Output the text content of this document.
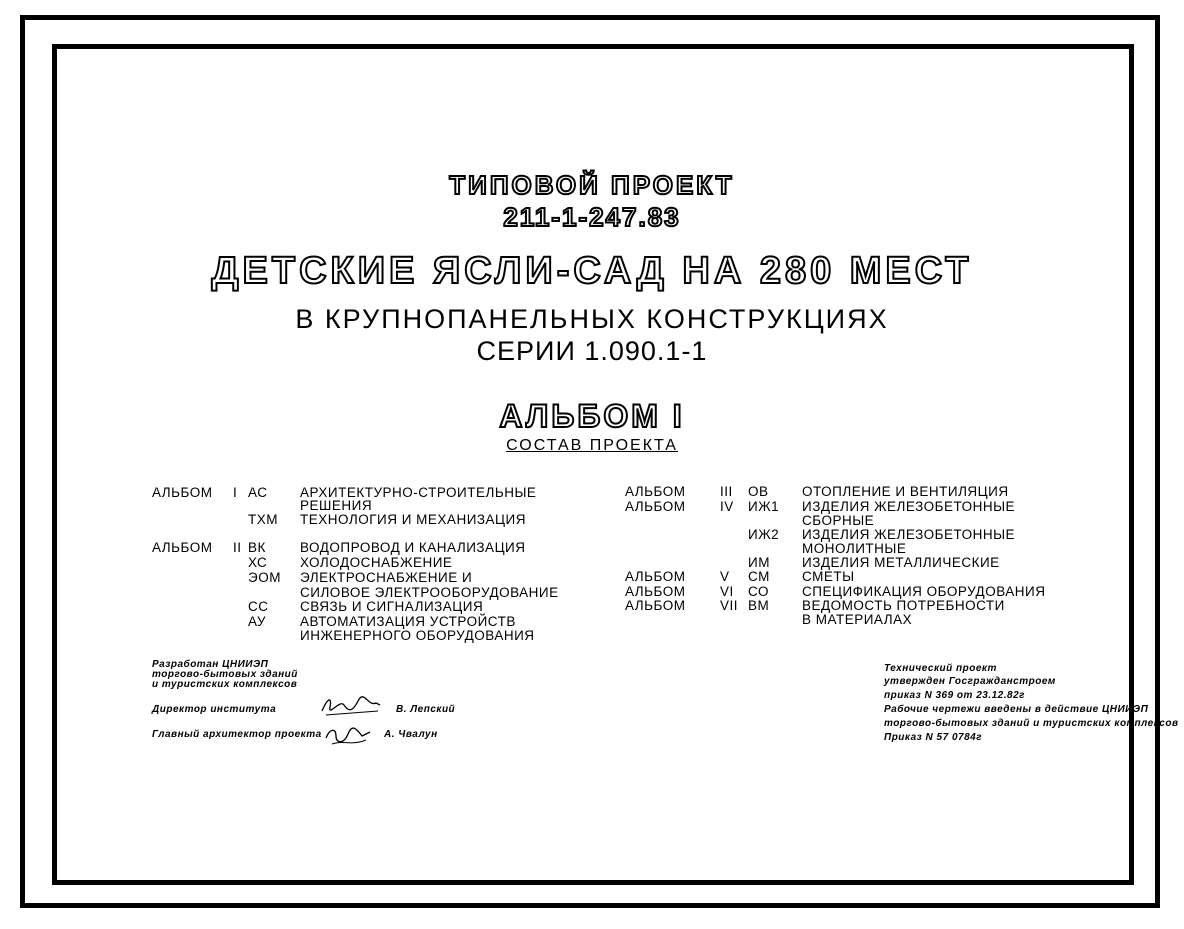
ТИПОВОЙ ПРОЕКТ
211-1-247.83
ДЕТСКИЕ ЯСЛИ-САД НА 280 МЕСТ
В КРУПНОПАНЕЛЬНЫХ КОНСТРУКЦИЯХ
СЕРИИ 1.090.1-1
АЛЬБОМ I
СОСТАВ ПРОЕКТА
АЛЬБОМ I АС АРХИТЕКТУРНО-СТРОИТЕЛЬНЫЕ
РЕШЕНИЯ
ТХМ ТЕХНОЛОГИЯ И МЕХАНИЗАЦИЯ
АЛЬБОМ II ВК	ВОДОПРОВОД И КАНАЛИЗАЦИЯ
ХС ХОЛОДОСНАБЖЕНИЕ
ЭОМ ЭЛЕКТРОСНАБЖЕНИЕ И
СИЛОВОЕ ЭЛЕКТРООБОРУДОВАНИЕ
СС СВЯЗЬ И СИГНАЛИЗАЦИЯ
АУ	АВТОМАТИЗАЦИЯ УСТРОЙСТВ
ИНЖЕНЕРНОГО ОБОРУДОВАНИЯ
АЛЬБОМ	III ОВ ОТОПЛЕНИЕ И ВЕНТИЛЯЦИЯ
АЛЬБОМ	IV ИЖ1 ИЗДЕЛИЯ ЖЕЛЕЗОБЕТОННЫЕ
СБОРНЫЕ
ИЖ2 ИЗДЕЛИЯ ЖЕЛЕЗОБЕТОННЫЕ
МОНОЛИТНЫЕ
ИМ ИЗДЕЛИЯ МЕТАЛЛИЧЕСКИЕ
АЛЬБОМ	V СМ СМЕТЫ
АЛЬБОМ	VI СО СПЕЦИФИКАЦИЯ ОБОРУДОВАНИЯ
АЛЬБОМ	VII ВМ ВЕДОМОСТЬ ПОТРЕБНОСТИ
В МАТЕРИАЛАХ
Разработан ЦНИИЭП
торгово-бытовых зданий
и туристских комплексов
Директор института	В. Лепский
Главный архитектор проекта	А. Чвалун
Технический проект
утвержден Госгражданстроем
приказ N 369 от 23.12.82г
Рабочие чертежи введены в действие ЦНИИЭП
торгово-бытовых зданий и туристских комплексов
Приказ N 57 0784г
